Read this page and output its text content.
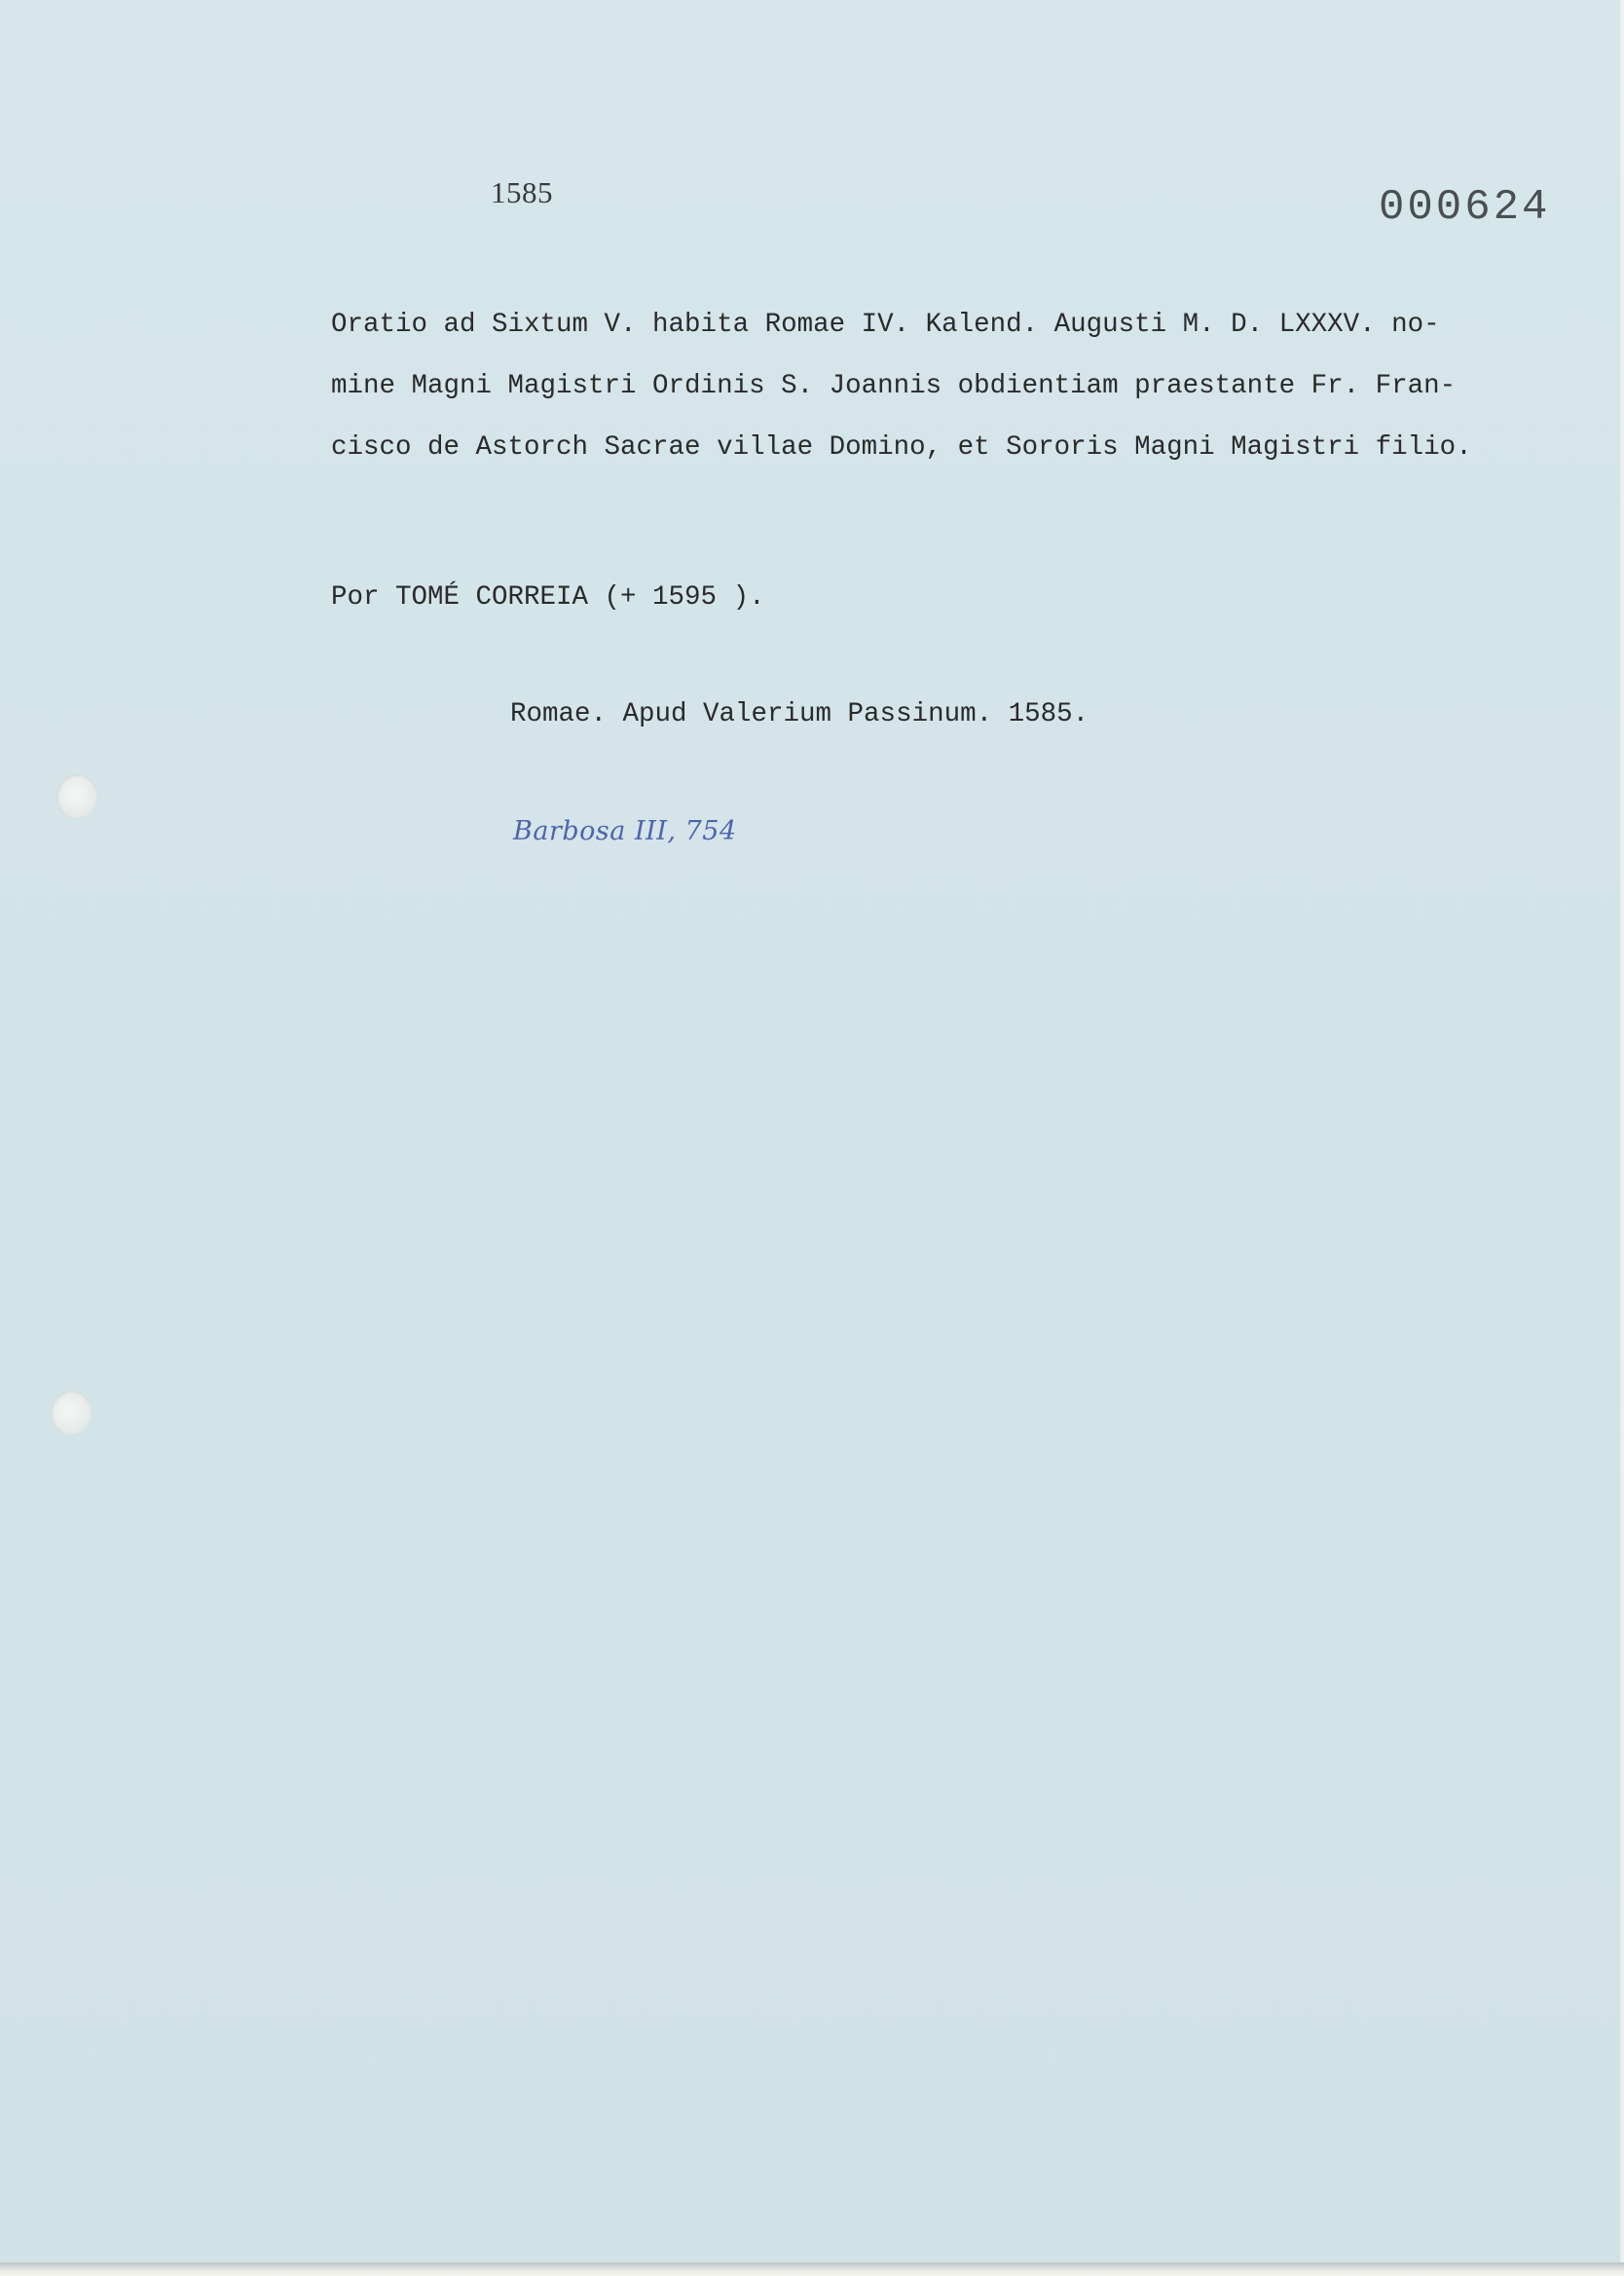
1585	000624
Oratio ad Sixtum V. habita Romae IV. Kalend. Augusti M. D. LXXXV. no-
mine Magni Magistri Ordinis S. Joannis obdientiam praestante Fr. Fran-
cisco de Astorch Sacrae villae Domino, et Sororis Magni Magistri filio.
Por TOMÉ CORREIA (+ 1595 ).
Romae. Apud Valerium Passinum. 1585.
Barbosa III, 754
